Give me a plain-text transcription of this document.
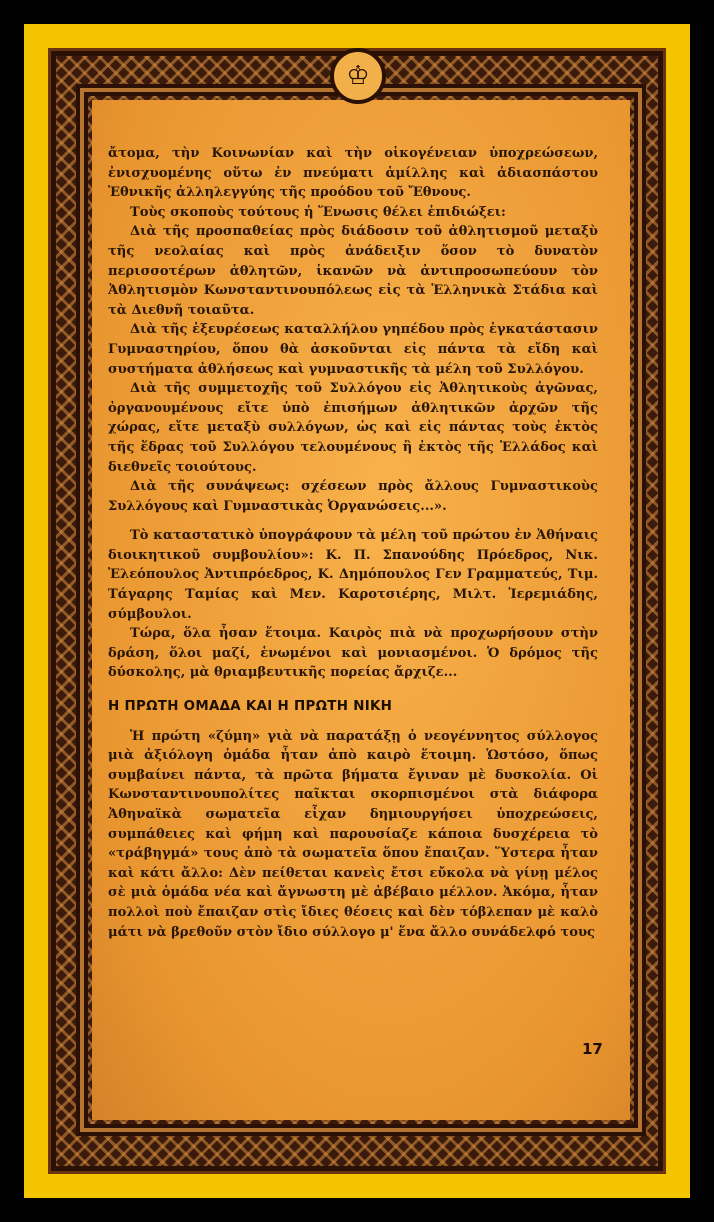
ἄτομα, τὴν Κοινωνίαν καὶ τὴν οἰκογένειαν ὑποχρεώσεων, ἐνισχυομένης οὕτω ἐν πνεύματι ἁμίλλης καὶ ἀδιασπάστου Ἐθνικῆς ἀλληλεγγύης τῆς προόδου τοῦ Ἔθνους.

Τοὺς σκοποὺς τούτους ἡ Ἕνωσις θέλει ἐπιδιώξει:

Διὰ τῆς προσπαθείας πρὸς διάδοσιν τοῦ ἀθλητισμοῦ μεταξὺ τῆς νεολαίας καὶ πρὸς ἀνάδειξιν ὅσον τὸ δυνατὸν περισσοτέρων ἀθλητῶν, ἱκανῶν νὰ ἀντιπροσωπεύουν τὸν Ἀθλητισμὸν Κωνσταντινουπόλεως εἰς τὰ Ἑλληνικὰ Στάδια καὶ τὰ Διεθνῆ τοιαῦτα.

Διὰ τῆς ἐξευρέσεως καταλλήλου γηπέδου πρὸς ἐγκατάστασιν Γυμναστηρίου, ὅπου θὰ ἀσκοῦνται εἰς πάντα τὰ εἴδη καὶ συστήματα ἀθλήσεως καὶ γυμναστικῆς τὰ μέλη τοῦ Συλλόγου.

Διὰ τῆς συμμετοχῆς τοῦ Συλλόγου εἰς Ἀθλητικοὺς ἀγῶνας, ὀργανουμένους εἴτε ὑπὸ ἐπισήμων ἀθλητικῶν ἀρχῶν τῆς χώρας, εἴτε μεταξὺ συλλόγων, ὡς καὶ εἰς πάντας τοὺς ἐκτὸς τῆς ἕδρας τοῦ Συλλόγου τελουμένους ἢ ἐκτὸς τῆς Ἑλλάδος καὶ διεθνεῖς τοιούτους.

Διὰ τῆς συνάψεως: σχέσεων πρὸς ἄλλους Γυμναστικοὺς Συλλόγους καὶ Γυμναστικὰς Ὀργανώσεις...».

Τὸ καταστατικὸ ὑπογράφουν τὰ μέλη τοῦ πρώτου ἐν Ἀθήναις διοικητικοῦ συμβουλίου»: Κ. Π. Σπανούδης Πρόεδρος, Νικ. Ἐλεόπουλος Ἀντιπρόεδρος, Κ. Δημόπουλος Γεν Γραμματεύς, Τιμ. Τάγαρης Ταμίας καὶ Μεν. Καροτσιέρης, Μιλτ. Ἱερεμιάδης, σύμβουλοι.

Τώρα, ὅλα ἦσαν ἕτοιμα. Καιρὸς πιὰ νὰ προχωρήσουν στὴν δράση, ὅλοι μαζί, ἑνωμένοι καὶ μονιασμένοι. Ὁ δρόμος τῆς δύσκολης, μὰ θριαμβευτικῆς πορείας ἄρχιζε...

Η ΠΡΩΤΗ ΟΜΑΔΑ ΚΑΙ Η ΠΡΩΤΗ ΝΙΚΗ

Ἡ πρώτη «ζύμη» γιὰ νὰ παρατάξῃ ὁ νεογέννητος σύλλογος μιὰ ἀξιόλογη ὁμάδα ἦταν ἀπὸ καιρὸ ἕτοιμη. Ὡστόσο, ὅπως συμβαίνει πάντα, τὰ πρῶτα βήματα ἔγιναν μὲ δυσκολία. Οἱ Κωνσταντινουπολίτες παῖκται σκορπισμένοι στὰ διάφορα Ἀθηναϊκὰ σωματεῖα εἶχαν δημιουργήσει ὑποχρεώσεις, συμπάθειες καὶ φήμη καὶ παρουσίαζε κάποια δυσχέρεια τὸ «τράβηγμά» τους ἀπὸ τὰ σωματεῖα ὅπου ἔπαιζαν. Ὕστερα ἦταν καὶ κάτι ἄλλο: Δὲν πείθεται κανεὶς ἔτσι εὔκολα νὰ γίνῃ μέλος σὲ μιὰ ὁμάδα νέα καὶ ἄγνωστη μὲ ἀβέβαιο μέλλον. Ἀκόμα, ἦταν πολλοὶ ποὺ ἔπαιζαν στὶς ἴδιες θέσεις καὶ δὲν τόβλεπαν μὲ καλὸ μάτι νὰ βρεθοῦν στὸν ἴδιο σύλλογο μ' ἕνα ἄλλο συνάδελφό τους

17
♔
